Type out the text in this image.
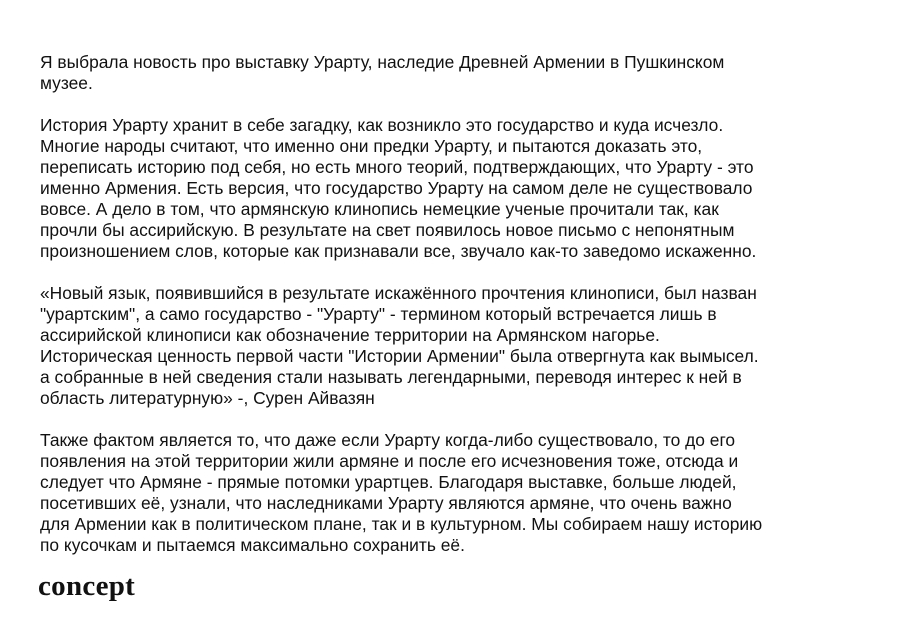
Я выбрала новость про выставку Урарту, наследие Древней Армении в Пушкинском
музее.

История Урарту хранит в себе загадку, как возникло это государство и куда исчезло.
Многие народы считают, что именно они предки Урарту, и пытаются доказать это,
переписать историю под себя, но есть много теорий, подтверждающих, что Урарту - это
именно Армения. Есть версия, что государство Урарту на самом деле не существовало
вовсе. А дело в том, что армянскую клинопись немецкие ученые прочитали так, как
прочли бы ассирийскую. В результате на свет появилось новое письмо с непонятным
произношением слов, которые как признавали все, звучало как-то заведомо искаженно.

«Новый язык, появившийся в результате искажённого прочтения клинописи, был назван
"урартским", а само государство - "Урарту" - термином который встречается лишь в
ассирийской клинописи как обозначение территории на Армянском нагорье.
Историческая ценность первой части "Истории Армении" была отвергнута как вымысел.
а собранные в ней сведения стали называть легендарными, переводя интерес к ней в
область литературную» -, Сурен Айвазян

Также фактом является то, что даже если Урарту когда-либо существовало, то до его
появления на этой территории жили армяне и после его исчезновения тоже, отсюда и
следует что Армяне - прямые потомки урартцев. Благодаря выставке, больше людей,
посетивших её, узнали, что наследниками Урарту являются армяне, что очень важно
для Армении как в политическом плане, так и в культурном. Мы собираем нашу историю
по кусочкам и пытаемся максимально сохранить её.

concept
